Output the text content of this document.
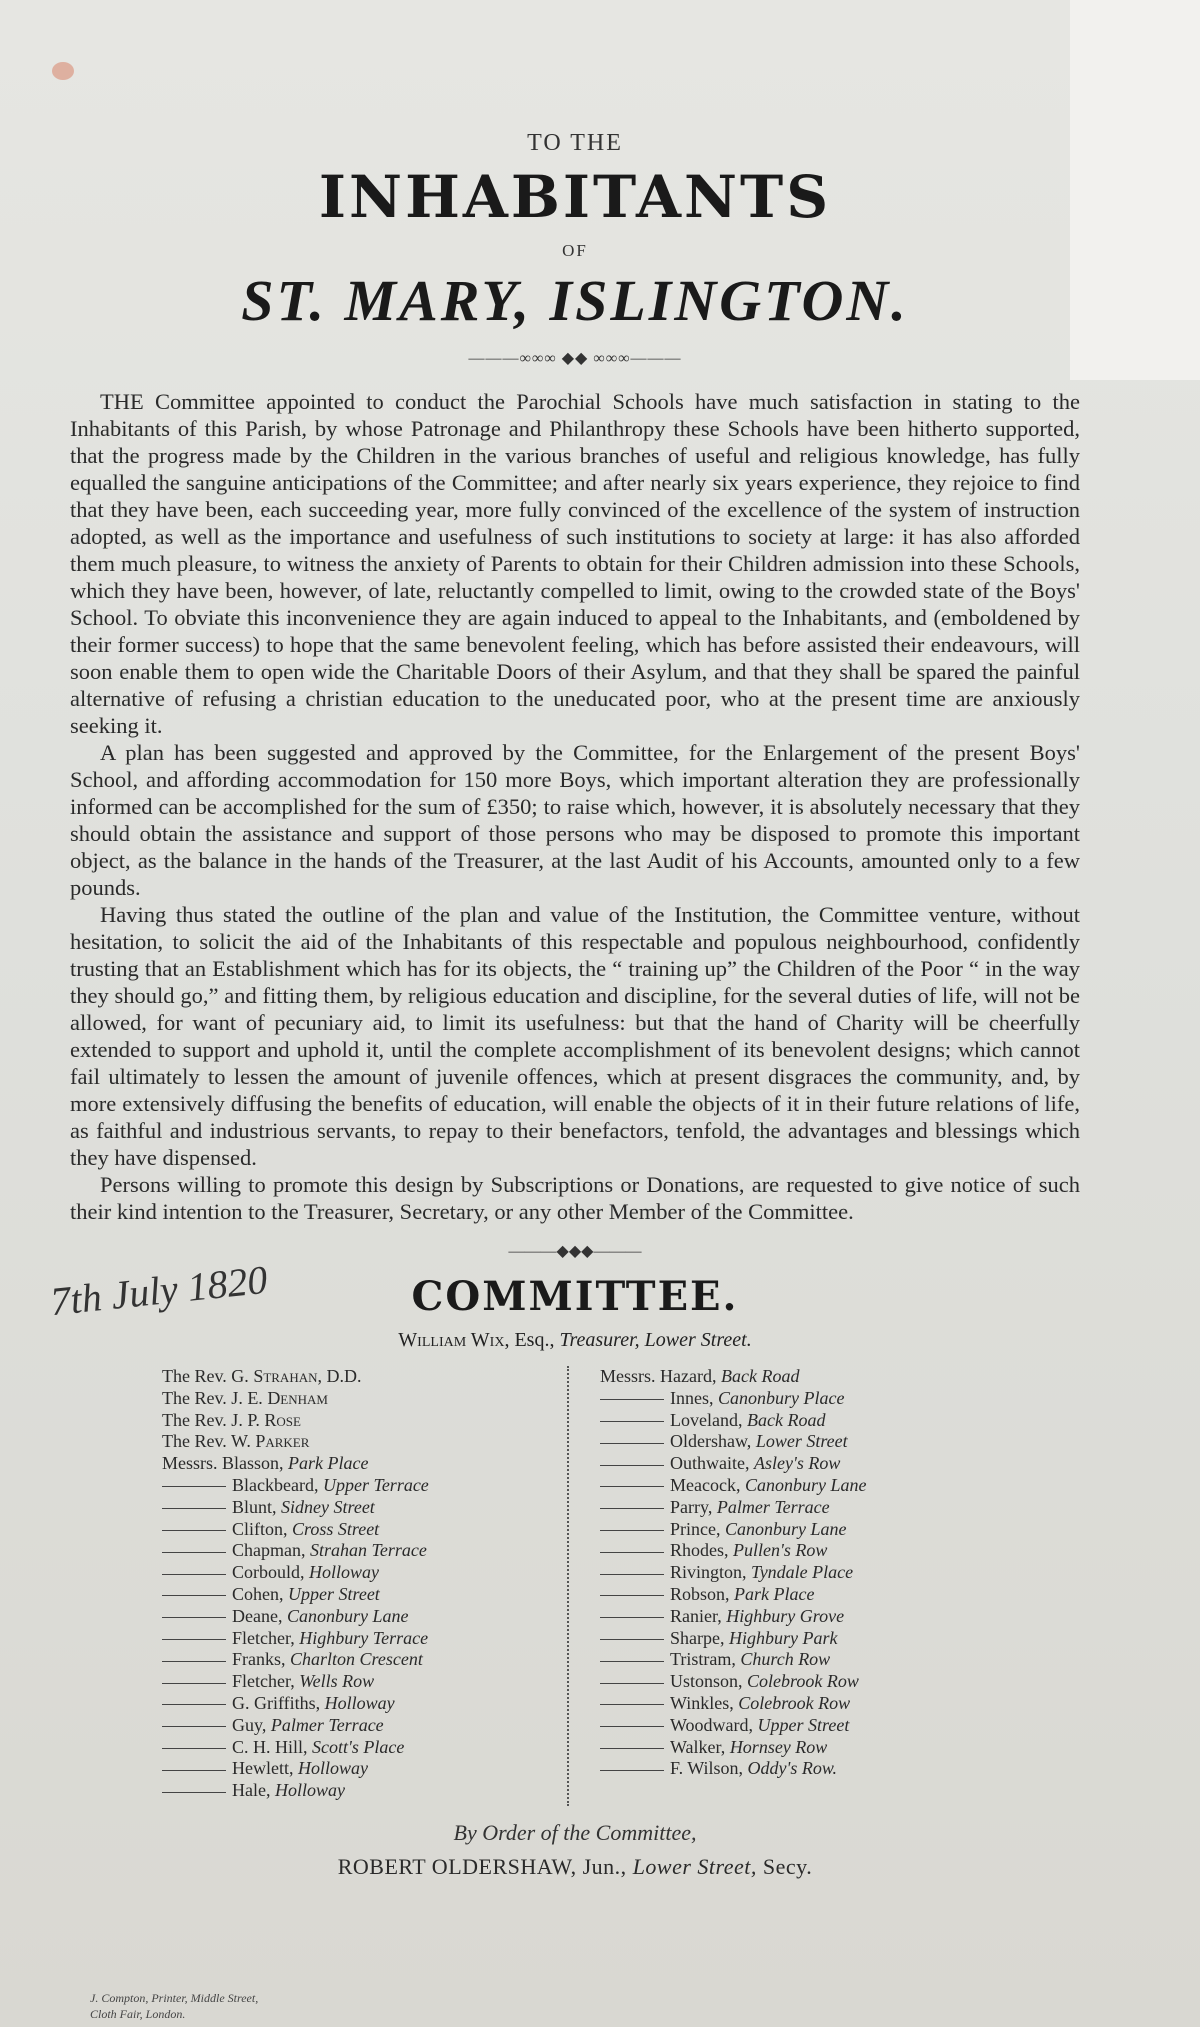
TO THE

INHABITANTS

OF

ST. MARY, ISLINGTON.

———∞∞∞ ◆◆ ∞∞∞———

THE Committee appointed to conduct the Parochial Schools have much satisfaction in stating to the Inhabitants of this Parish, by whose Patronage and Philanthropy these Schools have been hitherto supported, that the progress made by the Children in the various branches of useful and religious knowledge, has fully equalled the sanguine anticipations of the Committee; and after nearly six years experience, they rejoice to find that they have been, each succeeding year, more fully convinced of the excellence of the system of instruction adopted, as well as the importance and usefulness of such institutions to society at large: it has also afforded them much pleasure, to witness the anxiety of Parents to obtain for their Children admission into these Schools, which they have been, however, of late, reluctantly compelled to limit, owing to the crowded state of the Boys' School. To obviate this inconvenience they are again induced to appeal to the Inhabitants, and (emboldened by their former success) to hope that the same benevolent feeling, which has before assisted their endeavours, will soon enable them to open wide the Charitable Doors of their Asylum, and that they shall be spared the painful alternative of refusing a christian education to the uneducated poor, who at the present time are anxiously seeking it.

A plan has been suggested and approved by the Committee, for the Enlargement of the present Boys' School, and affording accommodation for 150 more Boys, which important alteration they are professionally informed can be accomplished for the sum of £350; to raise which, however, it is absolutely necessary that they should obtain the assistance and support of those persons who may be disposed to promote this important object, as the balance in the hands of the Treasurer, at the last Audit of his Accounts, amounted only to a few pounds.

Having thus stated the outline of the plan and value of the Institution, the Committee venture, without hesitation, to solicit the aid of the Inhabitants of this respectable and populous neighbourhood, confidently trusting that an Establishment which has for its objects, the “ training up” the Children of the Poor “ in the way they should go,” and fitting them, by religious education and discipline, for the several duties of life, will not be allowed, for want of pecuniary aid, to limit its usefulness: but that the hand of Charity will be cheerfully extended to support and uphold it, until the complete accomplishment of its benevolent designs; which cannot fail ultimately to lessen the amount of juvenile offences, which at present disgraces the community, and, by more extensively diffusing the benefits of education, will enable the objects of it in their future relations of life, as faithful and industrious servants, to repay to their benefactors, tenfold, the advantages and blessings which they have dispensed.

Persons willing to promote this design by Subscriptions or Donations, are requested to give notice of such their kind intention to the Treasurer, Secretary, or any other Member of the Committee.

———◆◆◆———
7th July 1820	COMMITTEE.
William Wix, Esq., Treasurer, Lower Street.
The Rev. G. Strahan, D.D.
The Rev. J. E. Denham
The Rev. J. P. Rose
The Rev. W. Parker
Messrs. Blasson, Park Place
Blackbeard, Upper Terrace
Blunt, Sidney Street
Clifton, Cross Street
Chapman, Strahan Terrace
Corbould, Holloway
Cohen, Upper Street
Deane, Canonbury Lane
Fletcher, Highbury Terrace
Franks, Charlton Crescent
Fletcher, Wells Row
G. Griffiths, Holloway
Guy, Palmer Terrace
C. H. Hill, Scott's Place
Hewlett, Holloway
Hale, Holloway
Messrs. Hazard, Back Road
Innes, Canonbury Place
Loveland, Back Road
Oldershaw, Lower Street
Outhwaite, Asley's Row
Meacock, Canonbury Lane
Parry, Palmer Terrace
Prince, Canonbury Lane
Rhodes, Pullen's Row
Rivington, Tyndale Place
Robson, Park Place
Ranier, Highbury Grove
Sharpe, Highbury Park
Tristram, Church Row
Ustonson, Colebrook Row
Winkles, Colebrook Row
Woodward, Upper Street
Walker, Hornsey Row
F. Wilson, Oddy's Row.
By Order of the Committee,
ROBERT OLDERSHAW, Jun., Lower Street, Secy.
J. Compton, Printer, Middle Street,
Cloth Fair, London.
